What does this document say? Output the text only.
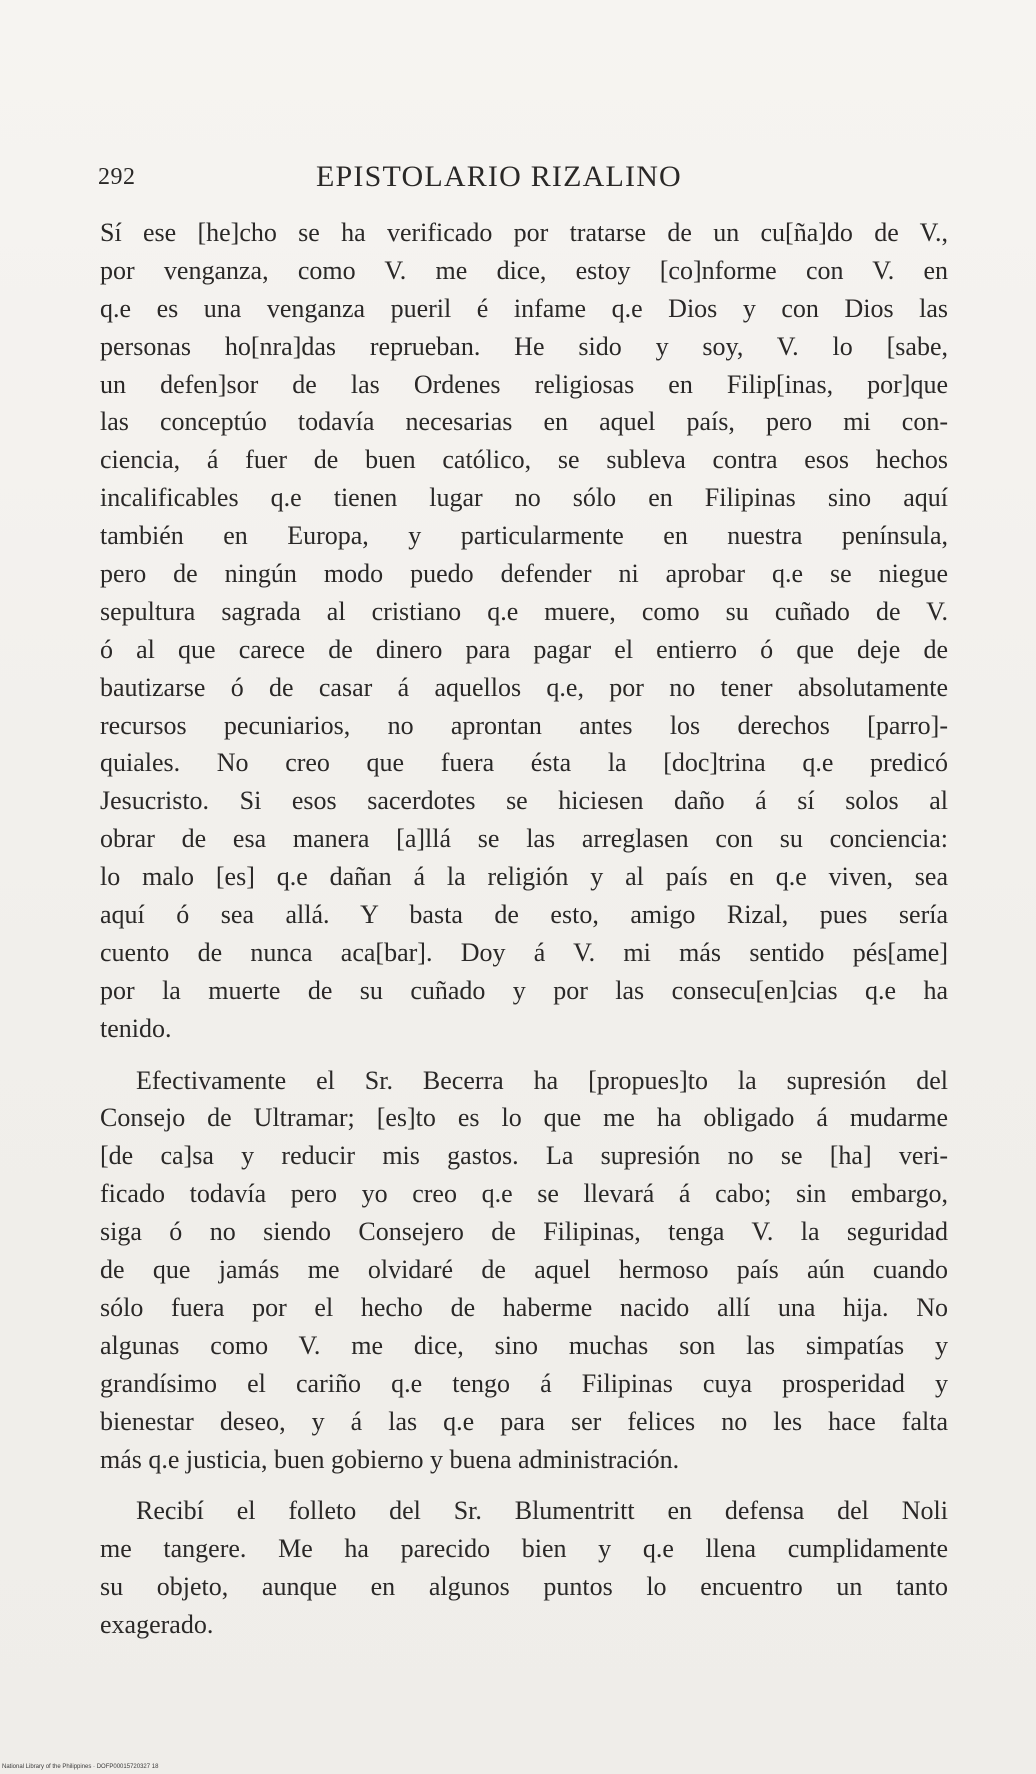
292	EPISTOLARIO RIZALINO
Sí ese [he]cho se ha verificado por tratarse de un cu[ña]do de V.,
por venganza, como V. me dice, estoy [co]nforme con V. en
q.e es una venganza pueril é infame q.e Dios y con Dios las
personas ho[nra]das reprueban. He sido y soy, V. lo [sabe,
un defen]sor de las Ordenes religiosas en Filip[inas, por]que
las conceptúo todavía necesarias en aquel país, pero mi con-
ciencia, á fuer de buen católico, se subleva contra esos hechos
incalificables q.e tienen lugar no sólo en Filipinas sino aquí
también en Europa, y particularmente en nuestra península,
pero de ningún modo puedo defender ni aprobar q.e se niegue
sepultura sagrada al cristiano q.e muere, como su cuñado de V.
ó al que carece de dinero para pagar el entierro ó que deje de
bautizarse ó de casar á aquellos q.e, por no tener absolutamente
recursos pecuniarios, no aprontan antes los derechos [parro]-
quiales. No creo que fuera ésta la [doc]trina q.e predicó
Jesucristo. Si esos sacerdotes se hiciesen daño á sí solos al
obrar de esa manera [a]llá se las arreglasen con su conciencia:
lo malo [es] q.e dañan á la religión y al país en q.e viven, sea
aquí ó sea allá. Y basta de esto, amigo Rizal, pues sería
cuento de nunca aca[bar]. Doy á V. mi más sentido pés[ame]
por la muerte de su cuñado y por las consecu[en]cias q.e ha
tenido.
Efectivamente el Sr. Becerra ha [propues]to la supresión del
Consejo de Ultramar; [es]to es lo que me ha obligado á mudarme
[de ca]sa y reducir mis gastos. La supresión no se [ha] veri-
ficado todavía pero yo creo q.e se llevará á cabo; sin embargo,
siga ó no siendo Consejero de Filipinas, tenga V. la seguridad
de que jamás me olvidaré de aquel hermoso país aún cuando
sólo fuera por el hecho de haberme nacido allí una hija. No
algunas como V. me dice, sino muchas son las simpatías y
grandísimo el cariño q.e tengo á Filipinas cuya prosperidad y
bienestar deseo, y á las q.e para ser felices no les hace falta
más q.e justicia, buen gobierno y buena administración.
Recibí el folleto del Sr. Blumentritt en defensa del Noli
me tangere. Me ha parecido bien y q.e llena cumplidamente
su objeto, aunque en algunos puntos lo encuentro un tanto
exagerado.
National Library of the Philippines · DOFP00015720327 18
